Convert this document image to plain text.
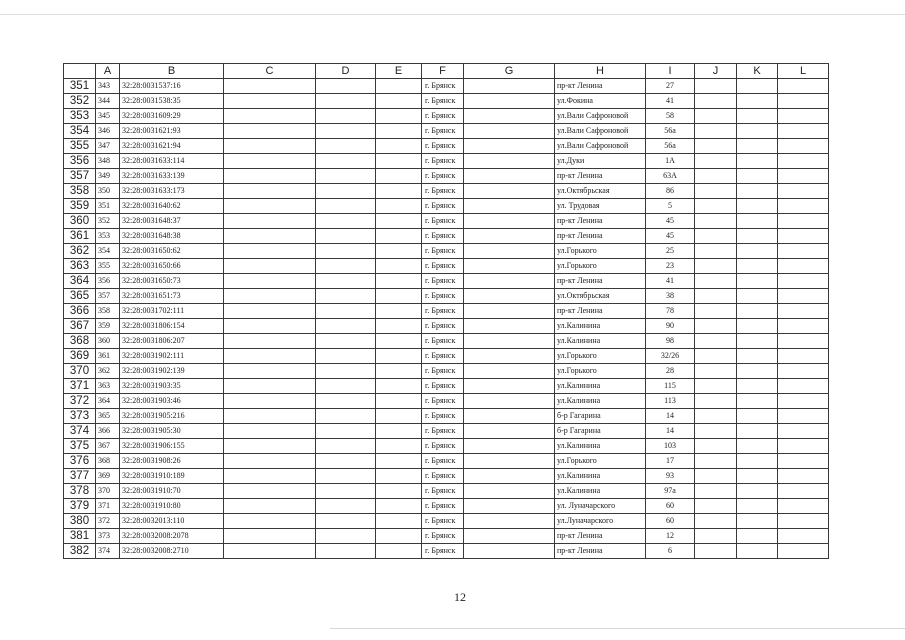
	A	B	C	D	E	F	G	H	I	J	K	L
351	343	32:28:0031537:16				г. Брянск		пр-кт Ленина	27			
352	344	32:28:0031538:35				г. Брянск		ул.Фокина	41			
353	345	32:28:0031609:29				г. Брянск		ул.Вали Сафроновой	58			
354	346	32:28:0031621:93				г. Брянск		ул.Вали Сафроновой	56а			
355	347	32:28:0031621:94				г. Брянск		ул.Вали Сафроновой	56а			
356	348	32:28:0031633:114				г. Брянск		ул.Дуки	1А			
357	349	32:28:0031633:139				г. Брянск		пр-кт Ленина	63А			
358	350	32:28:0031633:173				г. Брянск		ул.Октябрьская	86			
359	351	32:28:0031640:62				г. Брянск		ул. Трудовая	5			
360	352	32:28:0031648:37				г. Брянск		пр-кт Ленина	45			
361	353	32:28:0031648:38				г. Брянск		пр-кт Ленина	45			
362	354	32:28:0031650:62				г. Брянск		ул.Горького	25			
363	355	32:28:0031650:66				г. Брянск		ул.Горького	23			
364	356	32:28:0031650:73				г. Брянск		пр-кт Ленина	41			
365	357	32:28:0031651:73				г. Брянск		ул.Октябрьская	38			
366	358	32:28:0031702:111				г. Брянск		пр-кт Ленина	78			
367	359	32:28:0031806:154				г. Брянск		ул.Калинина	90			
368	360	32:28:0031806:207				г. Брянск		ул.Калинина	98			
369	361	32:28:0031902:111				г. Брянск		ул.Горького	32/26			
370	362	32:28:0031902:139				г. Брянск		ул.Горького	28			
371	363	32:28:0031903:35				г. Брянск		ул.Калинина	115			
372	364	32:28:0031903:46				г. Брянск		ул.Калинина	113			
373	365	32:28:0031905:216				г. Брянск		б-р Гагарина	14			
374	366	32:28:0031905:30				г. Брянск		б-р Гагарина	14			
375	367	32:28:0031906:155				г. Брянск		ул.Калинина	103			
376	368	32:28:0031908:26				г. Брянск		ул.Горького	17			
377	369	32:28:0031910:189				г. Брянск		ул.Калинина	93			
378	370	32:28:0031910:70				г. Брянск		ул.Калинина	97а			
379	371	32:28:0031910:80				г. Брянск		ул. Луначарского	60			
380	372	32:28:0032013:110				г. Брянск		ул.Луначарского	60			
381	373	32:28:0032008:2078				г. Брянск		пр-кт Ленина	12			
382	374	32:28:0032008:2710				г. Брянск		пр-кт Ленина	6			
12
